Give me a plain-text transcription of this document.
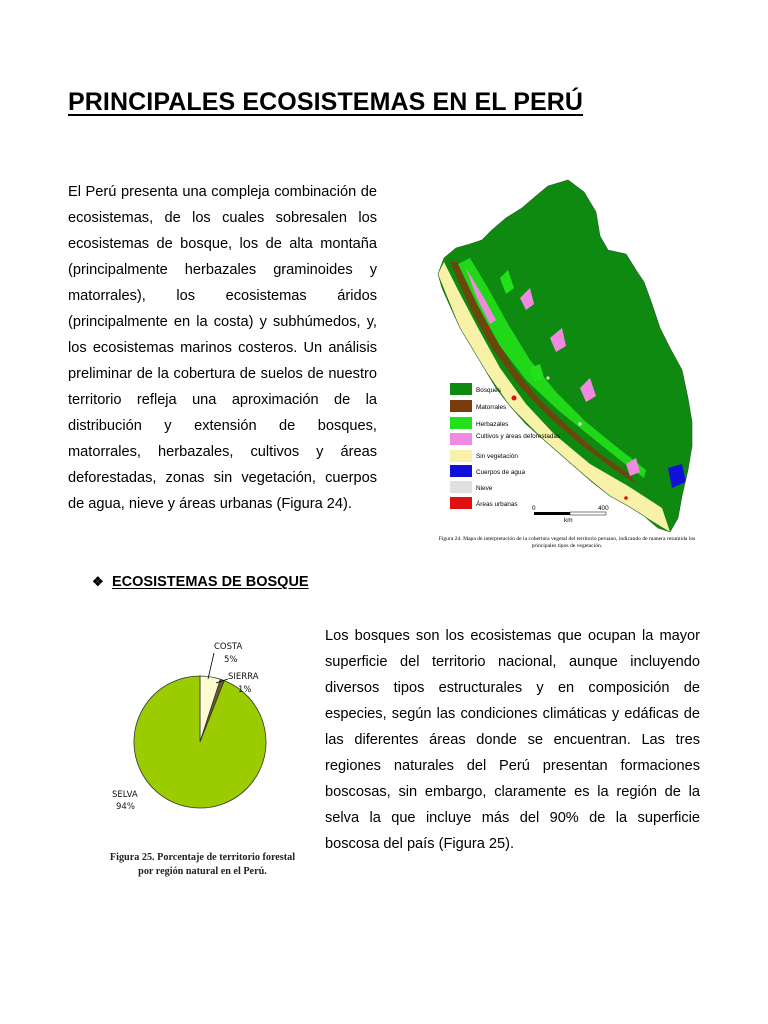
PRINCIPALES ECOSISTEMAS EN EL PERÚ

El Perú presenta una compleja combinación de ecosistemas, de los cuales sobresalen los ecosistemas de bosque, los de alta montaña (principalmente herbazales graminoides y matorrales), los ecosistemas áridos (principalmente en la costa) y subhúmedos, y, los ecosistemas marinos costeros. Un análisis preliminar de la cobertura de suelos de nuestro territorio refleja una aproximación de la distribución y extensión de bosques, matorrales, herbazales, cultivos y áreas deforestadas, zonas sin vegetación, cuerpos de agua, nieve y áreas urbanas (Figura 24).

Bosques
Matorrales
Herbazales
Cultivos y áreas deforestadas
Sin vegetación
Cuerpos de agua
Nieve
Áreas urbanas
0	400
km
Figura 24. Mapa de interpretación de la cobertura vegetal del territorio peruano, indicando de manera resumida los principales tipos de vegetación.
❖ ECOSISTEMAS DE BOSQUE

Los bosques son los ecosistemas que ocupan la mayor superficie del territorio nacional, aunque incluyendo diversos tipos estructurales y en composición de especies, según las condiciones climáticas y edáficas de las diferentes áreas donde se encuentran. Las tres regiones naturales del Perú presentan formaciones boscosas, sin embargo, claramente es la región de la selva la que incluye más del 90% de la superficie boscosa del país (Figura 25).

COSTA
5%
SIERRA
1%
SELVA
94%
Figura 25. Porcentaje de territorio forestal
por región natural en el Perú.
